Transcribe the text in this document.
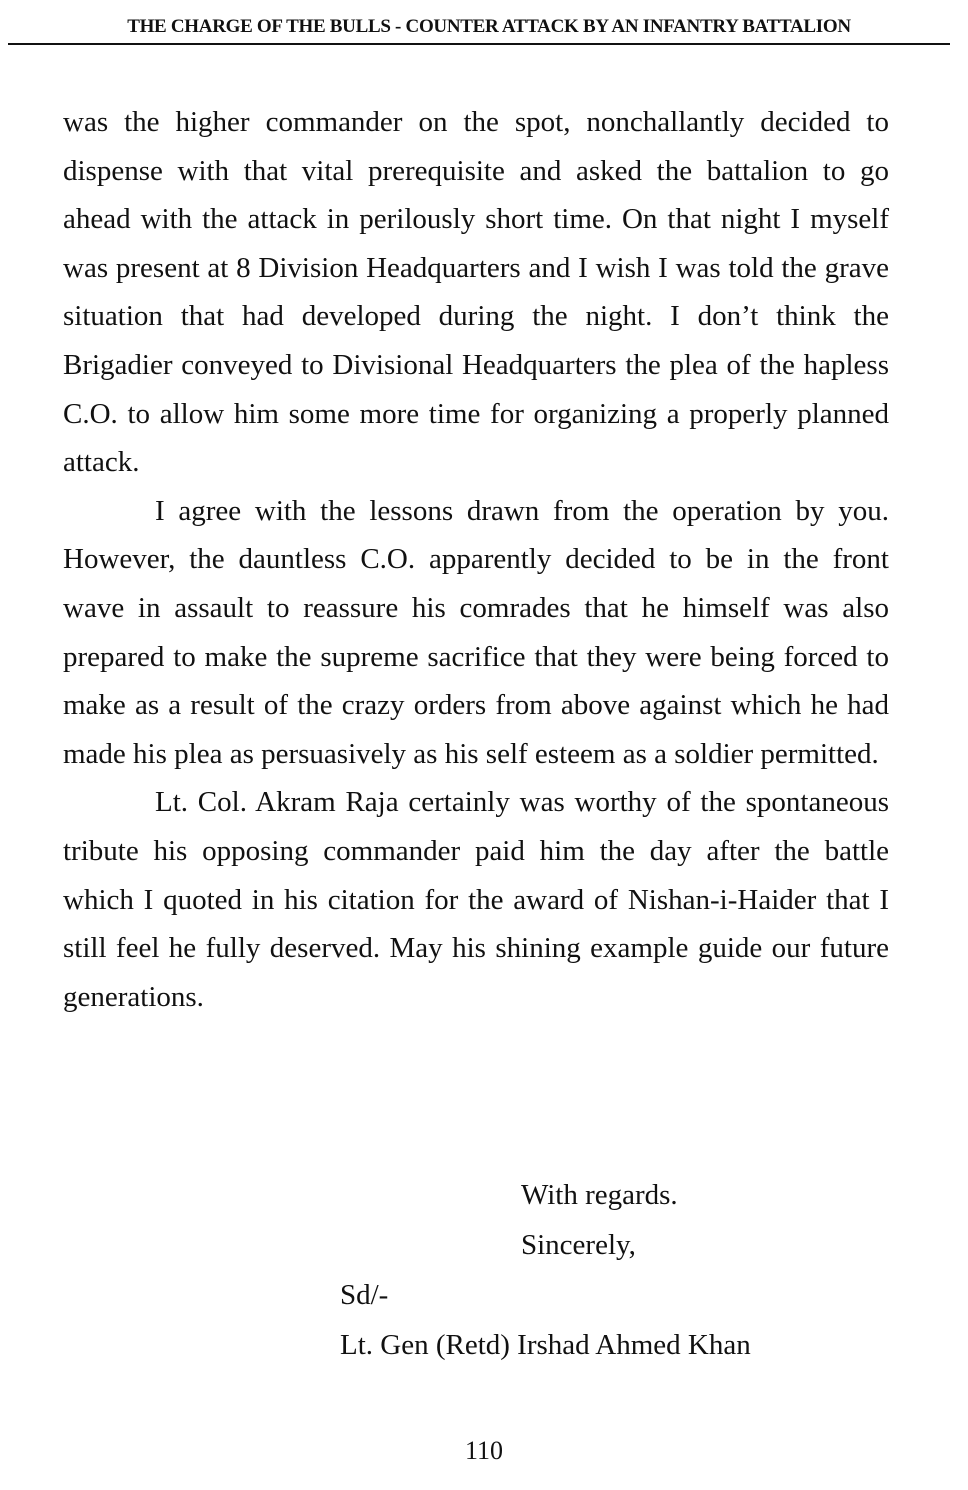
THE CHARGE OF THE BULLS - COUNTER ATTACK BY AN INFANTRY BATTALION

was the higher commander on the spot, nonchallantly decided to dispense with that vital prerequisite and asked the battalion to go ahead with the attack in perilously short time. On that night I myself was present at 8 Division Headquarters and I wish I was told the grave situation that had developed during the night. I don’t think the Brigadier conveyed to Divisional Headquarters the plea of the hapless C.O. to allow him some more time for organizing a properly planned attack.

I agree with the lessons drawn from the operation by you. However, the dauntless C.O. apparently decided to be in the front wave in assault to reassure his comrades that he himself was also prepared to make the supreme sacrifice that they were being forced to make as a result of the crazy orders from above against which he had made his plea as persuasively as his self esteem as a soldier permitted.

Lt. Col. Akram Raja certainly was worthy of the spontaneous tribute his opposing commander paid him the day after the battle which I quoted in his citation for the award of Nishan-i-Haider that I still feel he fully deserved. May his shining example guide our future generations.

With regards.
Sincerely,
Sd/-
Lt. Gen (Retd) Irshad Ahmed Khan
110
